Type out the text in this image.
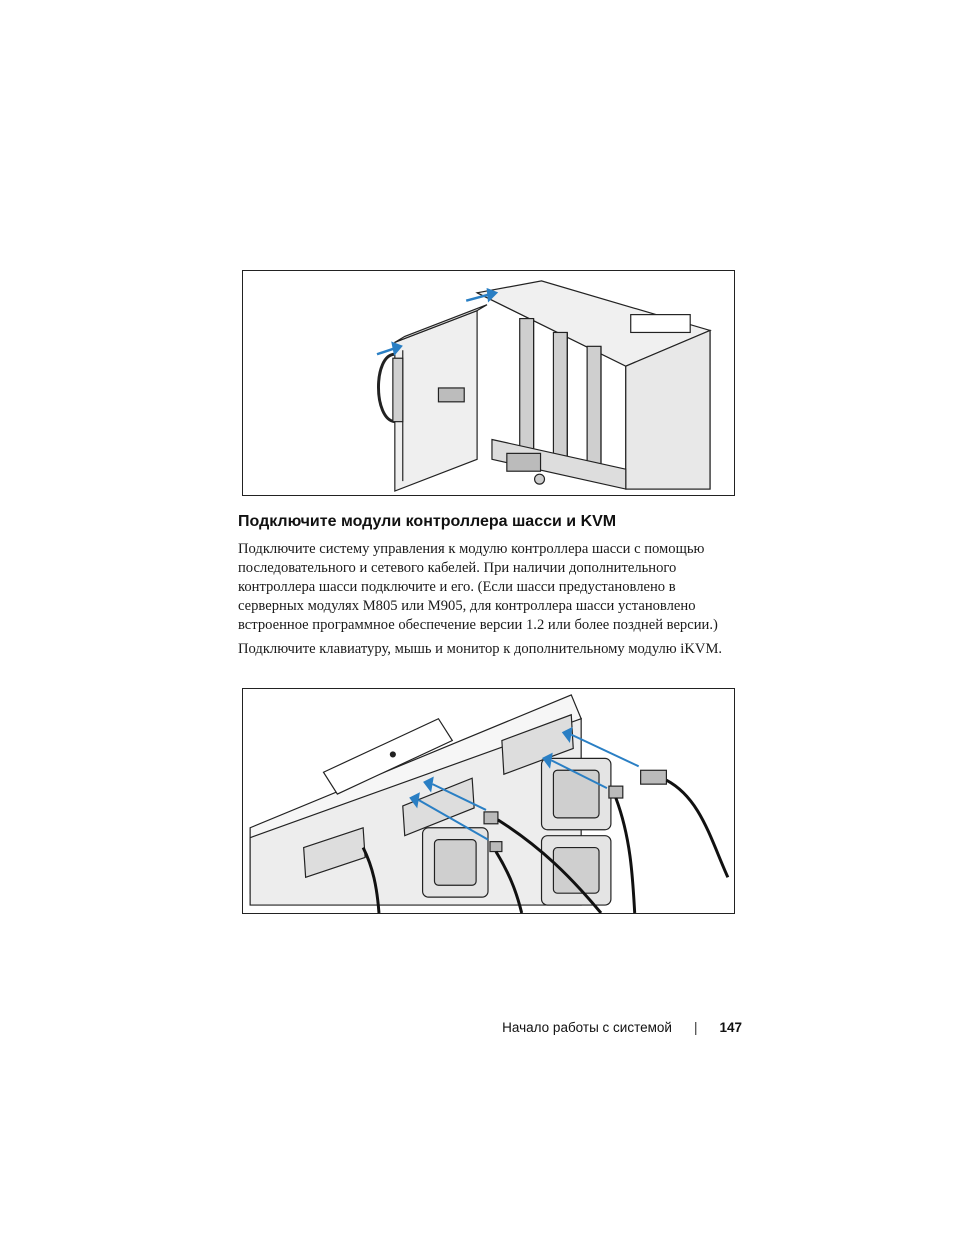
Подключите модули контроллера шасси и KVM

Подключите систему управления к модулю контроллера шасси с помощью последовательного и сетевого кабелей. При наличии дополнительного контроллера шасси подключите и его. (Если шасси предустановлено в серверных модулях M805 или M905, для контроллера шасси установлено встроенное программное обеспечение версии 1.2 или более поздней версии.)

Подключите клавиатуру, мышь и монитор к дополнительному модулю iKVM.

Начало работы с системой | 147
